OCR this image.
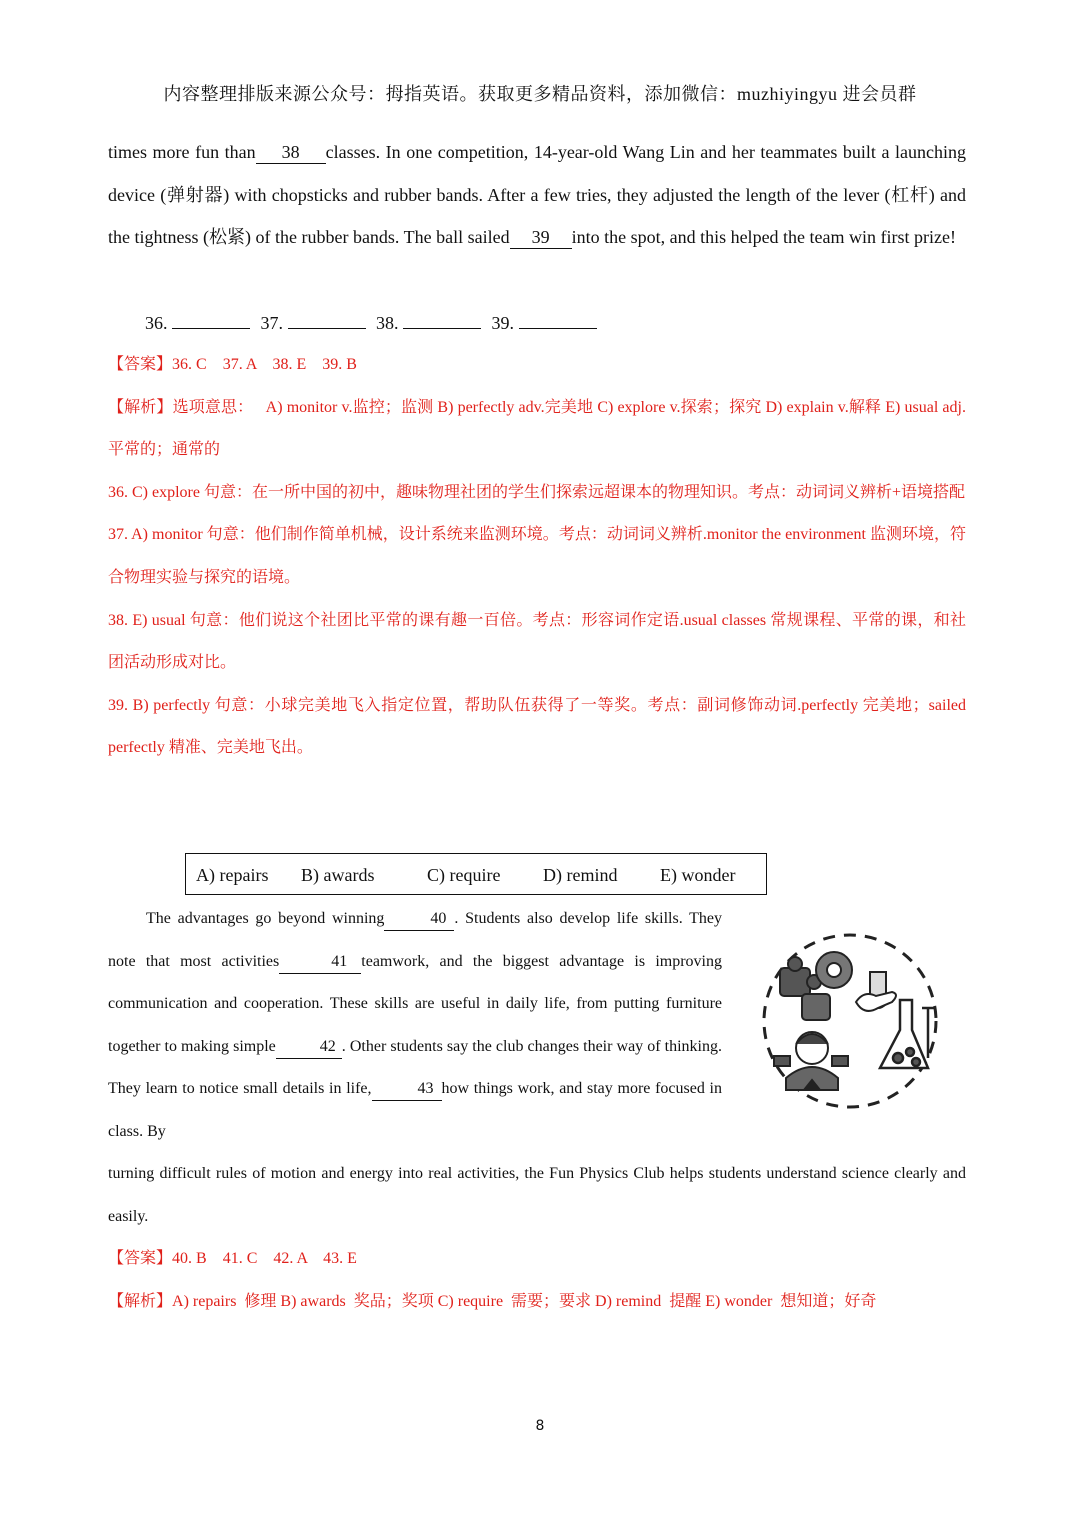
内容整理排版来源公众号：拇指英语。获取更多精品资料，添加微信：muzhiyingyu 进会员群

times more fun than 38 classes. In one competition, 14-year-old Wang Lin and her teammates built a launching device (弹射器) with chopsticks and rubber bands. After a few tries, they adjusted the length of the lever (杠杆) and the tightness (松紧) of the rubber bands. The ball sailed 39 into the spot, and this helped the team win first prize!

36.	37.	38.	39.

【答案】36. C    37. A    38. E    39. B

【解析】选项意思：   A) monitor v.监控；监测 B) perfectly adv.完美地 C) explore v.探索；探究 D) explain v.解释 E) usual adj.平常的；通常的

36. C) explore 句意：在一所中国的初中，趣味物理社团的学生们探索远超课本的物理知识。考点：动词词义辨析+语境搭配

37. A) monitor 句意：他们制作简单机械，设计系统来监测环境。考点：动词词义辨析.monitor the environment 监测环境，符合物理实验与探究的语境。

38. E) usual 句意：他们说这个社团比平常的课有趣一百倍。考点：形容词作定语.usual classes 常规课程、平常的课，和社团活动形成对比。

39. B) perfectly 句意：小球完美地飞入指定位置，帮助队伍获得了一等奖。考点：副词修饰动词.perfectly 完美地；sailed perfectly 精准、完美地飞出。

A) repairs B) awards	C) require D) remind E) wonder

The advantages go beyond winning	40 . Students also develop life skills. They note that most activities	41 teamwork, and the biggest advantage is improving communication and cooperation. These skills are useful in daily life, from putting furniture together to making simple	42 . Other students say the club changes their way of thinking. They learn to notice small details in life,	43 how things work, and stay more focused in class. By

turning difficult rules of motion and energy into real activities, the Fun Physics Club helps students understand science clearly and easily.

【答案】40. B    41. C    42. A    43. E

【解析】A) repairs  修理 B) awards  奖品；奖项 C) require  需要；要求 D) remind  提醒 E) wonder  想知道；好奇

8
